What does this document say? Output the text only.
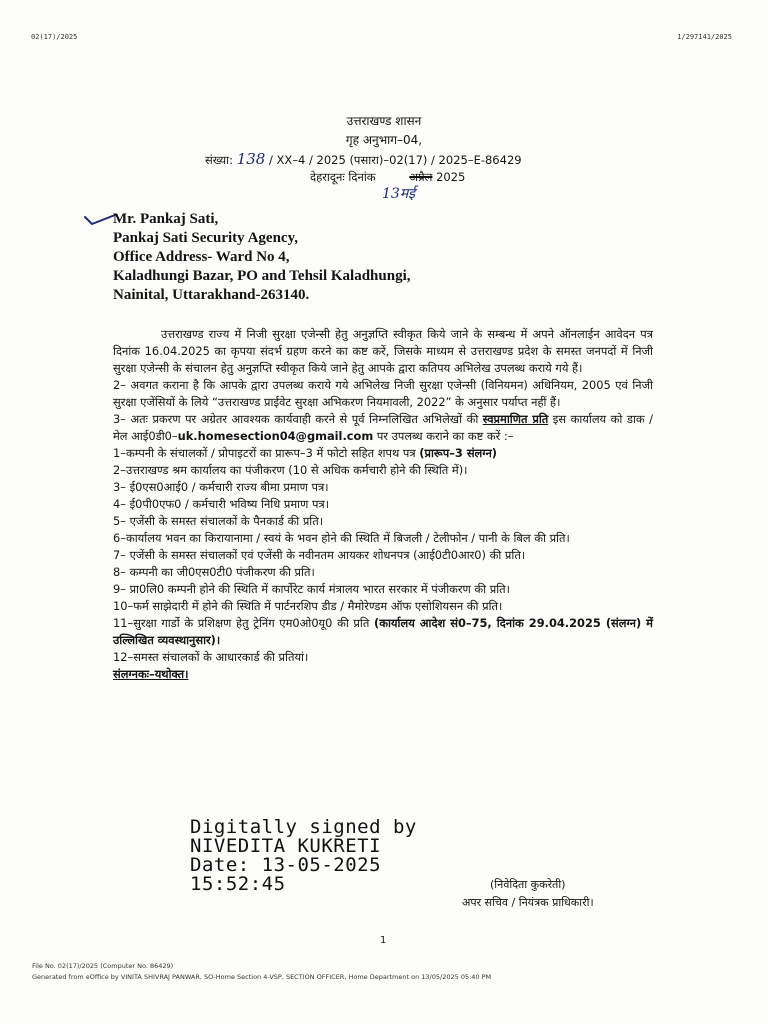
02(17)/2025	1/297141/2025
उत्तराखण्ड शासन
गृह अनुभाग–04,
संख्या: 138 / XX–4 / 2025 (पसारा)–02(17) / 2025–E-86429
देहरादूनः दिनांक	अप्रैल 2025
13मई
Mr. Pankaj Sati,
Pankaj Sati Security Agency,
Office Address- Ward No 4,
Kaladhungi Bazar, PO and Tehsil Kaladhungi,
Nainital, Uttarakhand-263140.

उत्तराखण्ड राज्य में निजी सुरक्षा एजेन्सी हेतु अनुज्ञप्ति स्वीकृत किये जाने के सम्बन्ध में अपने ऑनलाईन आवेदन पत्र दिनांक 16.04.2025 का कृपया संदर्भ ग्रहण करने का कष्ट करें, जिसके माध्यम से उत्तराखण्ड प्रदेश के समस्त जनपदों में निजी सुरक्षा एजेन्सी के संचालन हेतु अनुज्ञप्ति स्वीकृत किये जाने हेतु आपके द्वारा कतिपय अभिलेख उपलब्ध कराये गये हैं।

2– अवगत कराना है कि आपके द्वारा उपलब्ध कराये गये अभिलेख निजी सुरक्षा एजेन्सी (विनियमन) अधिनियम, 2005 एवं निजी सुरक्षा एजेंसियों के लिये “उत्तराखण्ड प्राईवेट सुरक्षा अभिकरण नियमावली, 2022” के अनुसार पर्याप्त नहीं हैं।

3– अतः प्रकरण पर अग्रेतर आवश्यक कार्यवाही करने से पूर्व निम्नलिखित अभिलेखों की स्वप्रमाणित प्रति इस कार्यालय को डाक / मेल आई0डी0–uk.homesection04@gmail.com पर उपलब्ध कराने का कष्ट करें :–

1–कम्पनी के संचालकों / प्रोपाइटरों का प्रारूप–3 में फोटो सहित शपथ पत्र (प्रारूप–3 संलग्न)

2–उत्तराखण्ड श्रम कार्यालय का पंजीकरण (10 से अधिक कर्मचारी होने की स्थिति में)।

3– ई0एस0आई0 / कर्मचारी राज्य बीमा प्रमाण पत्र।

4– ई0पी0एफ0 / कर्मचारी भविष्य निधि प्रमाण पत्र।

5– एजेंसी के समस्त संचालकों के पैनकार्ड की प्रति।

6–कार्यालय भवन का किरायानामा / स्वयं के भवन होने की स्थिति में बिजली / टेलीफोन / पानी के बिल की प्रति।

7– एजेंसी के समस्त संचालकों एवं एजेंसी के नवीनतम आयकर शोधनपत्र (आई0टी0आर0) की प्रति।

8– कम्पनी का जी0एस0टी0 पंजीकरण की प्रति।

9– प्रा0लि0 कम्पनी होने की स्थिति में कार्पोरेट कार्य मंत्रालय भारत सरकार में पंजीकरण की प्रति।

10–फर्म साझेदारी में होने की स्थिति में पार्टनरशिप डीड / मैमोरेण्डम ऑफ एसोशियसन की प्रति।

11–सुरक्षा गार्डो के प्रशिक्षण हेतु ट्रेनिंग एम0ओ0यू0 की प्रति (कार्यालय आदेश सं0–75, दिनांक 29.04.2025 (संलग्न) में उल्लिखित व्यवस्थानुसार)।

12–समस्त संचालकों के आधारकार्ड की प्रतियां।

संलग्नकः–यथोक्त।

Digitally signed by
NIVEDITA KUKRETI
Date: 13-05-2025
15:52:45	(निवेदिता कुकरेती)
अपर सचिव / नियंत्रक प्राधिकारी।
1
File No. 02(17)/2025 (Computer No. 86429)
Generated from eOffice by VINITA SHIVRAJ PANWAR, SO-Home Section 4-VSP, SECTION OFFICER, Home Department on 13/05/2025 05:40 PM
